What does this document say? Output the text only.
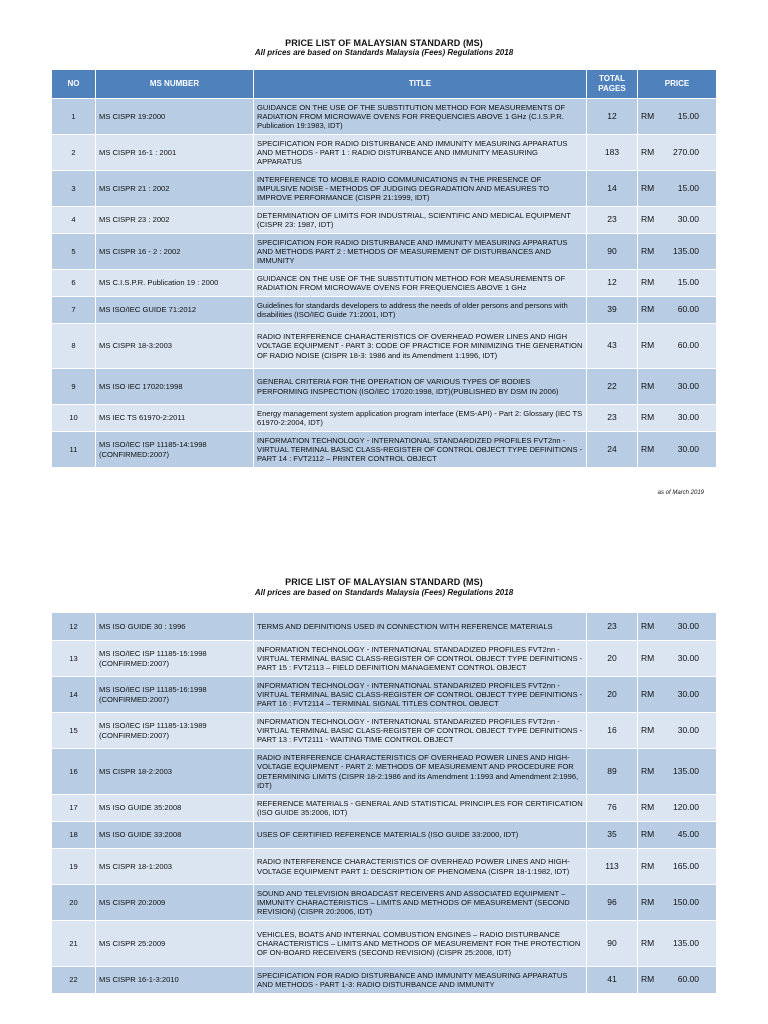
PRICE LIST OF MALAYSIAN STANDARD (MS)
All prices are based on Standards Malaysia (Fees) Regulations 2018
NO	MS NUMBER	TITLE	TOTAL PAGES	PRICE
1	MS CISPR 19:2000	GUIDANCE ON THE USE OF THE SUBSTITUTION METHOD FOR MEASUREMENTS OF RADIATION FROM MICROWAVE OVENS FOR FREQUENCIES ABOVE 1 GHz (C.I.S.P.R. Publication 19:1983, IDT)	12	RM 15.00
2	MS CISPR 16-1 : 2001	SPECIFICATION FOR RADIO DISTURBANCE AND IMMUNITY MEASURING APPARATUS AND METHODS - PART 1 : RADIO DISTURBANCE AND IMMUNITY MEASURING APPARATUS	183	RM 270.00
3	MS CISPR 21 : 2002	INTERFERENCE TO MOBILE RADIO COMMUNICATIONS IN THE PRESENCE OF IMPULSIVE NOISE - METHODS OF JUDGING DEGRADATION AND MEASURES TO IMPROVE PERFORMANCE (CISPR 21:1999, IDT)	14	RM 15.00
4	MS CISPR 23 : 2002	DETERMINATION OF LIMITS FOR INDUSTRIAL, SCIENTIFIC AND MEDICAL EQUIPMENT (CISPR 23: 1987, IDT)	23	RM 30.00
5	MS CISPR 16 - 2 : 2002	SPECIFICATION FOR RADIO DISTURBANCE AND IMMUNITY MEASURING APPARATUS AND METHODS PART 2 : METHODS OF MEASUREMENT OF DISTURBANCES AND IMMUNITY	90	RM 135.00
6	MS C.I.S.P.R. Publication 19 : 2000	GUIDANCE ON THE USE OF THE SUBSTITUTION METHOD FOR MEASUREMENTS OF RADIATION FROM MICROWAVE OVENS FOR FREQUENCIES ABOVE 1 GHz	12	RM 15.00
7	MS ISO/IEC GUIDE 71:2012	Guidelines for standards developers to address the needs of older persons and persons with disabilities (ISO/IEC Guide 71:2001, IDT)	39	RM 60.00
8	MS CISPR 18-3:2003	RADIO INTERFERENCE CHARACTERISTICS OF OVERHEAD POWER LINES AND HIGH VOLTAGE EQUIPMENT - PART 3: CODE OF PRACTICE FOR MINIMIZING THE GENERATION OF RADIO NOISE (CISPR 18-3: 1986 and its Amendment 1:1996, IDT)	43	RM 60.00
9	MS ISO IEC 17020:1998	GENERAL CRITERIA FOR THE OPERATION OF VARIOUS TYPES OF BODIES PERFORMING INSPECTION (ISO/IEC 17020:1998, IDT)(PUBLISHED BY DSM IN 2006)	22	RM 30.00
10	MS IEC TS 61970-2:2011	Energy management system application program interface (EMS-API) - Part 2: Glossary (IEC TS 61970-2:2004, IDT)	23	RM 30.00
11	MS ISO/IEC ISP 11185-14:1998 (CONFIRMED:2007)	INFORMATION TECHNOLOGY - INTERNATIONAL STANDARDIZED PROFILES FVT2nn - VIRTUAL TERMINAL BASIC CLASS-REGISTER OF CONTROL OBJECT TYPE DEFINITIONS - PART 14 : FVT2112 – PRINTER CONTROL OBJECT	24	RM 30.00
as of March 2019
PRICE LIST OF MALAYSIAN STANDARD (MS)
All prices are based on Standards Malaysia (Fees) Regulations 2018
12	MS ISO GUIDE 30 : 1996	TERMS AND DEFINITIONS USED IN CONNECTION WITH REFERENCE MATERIALS	23	RM 30.00
13	MS ISO/IEC ISP 11185-15:1998 (CONFIRMED:2007)	INFORMATION TECHNOLOGY - INTERNATIONAL STANDADIZED PROFILES FVT2nn - VIRTUAL TERMINAL BASIC CLASS-REGISTER OF CONTROL OBJECT TYPE DEFINITIONS - PART 15 : FVT2113 – FIELD DEFINITION MANAGEMENT CONTROL OBJECT	20	RM 30.00
14	MS ISO/IEC ISP 11185-16:1998 (CONFIRMED:2007)	INFORMATION TECHNOLOGY - INTERNATIONAL STANDARIZED PROFILES FVT2nn - VIRTUAL TERMINAL BASIC CLASS-REGISTER OF CONTROL OBJECT TYPE DEFINITIONS - PART 16 : FVT2114 – TERMINAL SIGNAL TITLES CONTROL OBJECT	20	RM 30.00
15	MS ISO/IEC ISP 11185-13:1989 (CONFIRMED:2007)	INFORMATION TECHNOLOGY - INTERNATIONAL STANDARIZED PROFILES FVT2nn - VIRTUAL TERMINAL BASIC CLASS-REGISTER OF CONTROL OBJECT TYPE DEFINITIONS - PART 13 : FVT2111 - WAITING TIME CONTROL OBJECT	16	RM 30.00
16	MS CISPR 18-2:2003	RADIO INTERFERENCE CHARACTERISTICS OF OVERHEAD POWER LINES AND HIGH-VOLTAGE EQUIPMENT - PART 2: METHODS OF MEASUREMENT AND PROCEDURE FOR DETERMINING LIMITS (CISPR 18-2:1986 and its Amendment 1:1993 and Amendment 2:1996, IDT)	89	RM 135.00
17	MS ISO GUIDE 35:2008	REFERENCE MATERIALS - GENERAL AND STATISTICAL PRINCIPLES FOR CERTIFICATION (ISO GUIDE 35:2006, IDT)	76	RM 120.00
18	MS ISO GUIDE 33:2008	USES OF CERTIFIED REFERENCE MATERIALS (ISO GUIDE 33:2000, IDT)	35	RM 45.00
19	MS CISPR 18-1:2003	RADIO INTERFERENCE CHARACTERISTICS OF OVERHEAD POWER LINES AND HIGH-VOLTAGE EQUIPMENT PART 1: DESCRIPTION OF PHENOMENA (CISPR 18-1:1982, IDT)	113	RM 165.00
20	MS CISPR 20:2009	SOUND AND TELEVISION BROADCAST RECEIVERS AND ASSOCIATED EQUIPMENT – IMMUNITY CHARACTERISTICS – LIMITS AND METHODS OF MEASUREMENT (SECOND REVISION) (CISPR 20:2006, IDT)	96	RM 150.00
21	MS CISPR 25:2009	VEHICLES, BOATS AND INTERNAL COMBUSTION ENGINES – RADIO DISTURBANCE CHARACTERISTICS – LIMITS AND METHODS OF MEASUREMENT FOR THE PROTECTION OF ON-BOARD RECEIVERS (SECOND REVISION) (CISPR 25:2008, IDT)	90	RM 135.00
22	MS CISPR 16-1-3:2010	SPECIFICATION FOR RADIO DISTURBANCE AND IMMUNITY MEASURING APPARATUS AND METHODS - PART 1-3: RADIO DISTURBANCE AND IMMUNITY	41	RM 60.00
